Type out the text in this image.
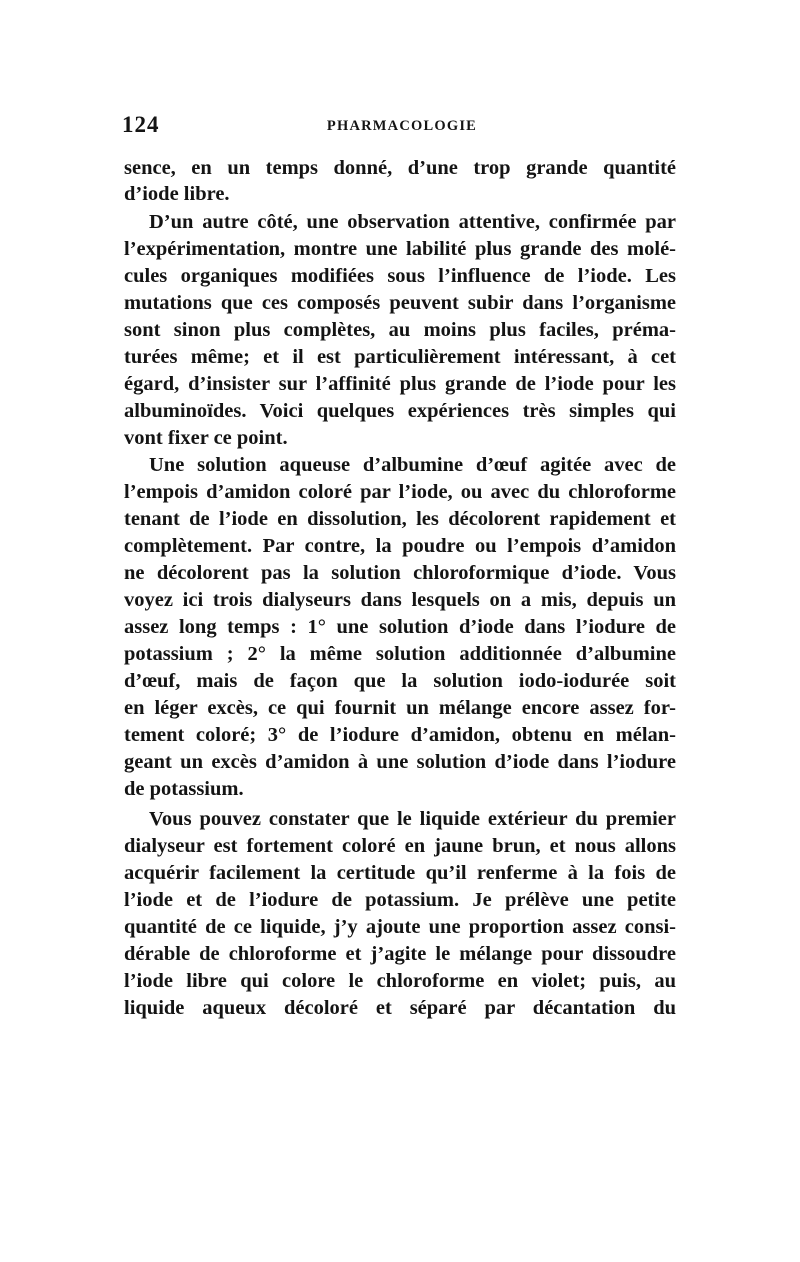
124	PHARMACOLOGIE
sence, en un temps donné, d’une trop grande quantité
d’iode libre.
D’un autre côté, une observation attentive, confirmée par
l’expérimentation, montre une labilité plus grande des molé-
cules organiques modifiées sous l’influence de l’iode. Les
mutations que ces composés peuvent subir dans l’organisme
sont sinon plus complètes, au moins plus faciles, préma-
turées même; et il est particulièrement intéressant, à cet
égard, d’insister sur l’affinité plus grande de l’iode pour les
albuminoïdes. Voici quelques expériences très simples qui
vont fixer ce point.
Une solution aqueuse d’albumine d’œuf agitée avec de
l’empois d’amidon coloré par l’iode, ou avec du chloroforme
tenant de l’iode en dissolution, les décolorent rapidement et
complètement. Par contre, la poudre ou l’empois d’amidon
ne décolorent pas la solution chloroformique d’iode. Vous
voyez ici trois dialyseurs dans lesquels on a mis, depuis un
assez long temps : 1° une solution d’iode dans l’iodure de
potassium ; 2° la même solution additionnée d’albumine
d’œuf, mais de façon que la solution iodo-iodurée soit
en léger excès, ce qui fournit un mélange encore assez for-
tement coloré; 3° de l’iodure d’amidon, obtenu en mélan-
geant un excès d’amidon à une solution d’iode dans l’iodure
de potassium.
Vous pouvez constater que le liquide extérieur du premier
dialyseur est fortement coloré en jaune brun, et nous allons
acquérir facilement la certitude qu’il renferme à la fois de
l’iode et de l’iodure de potassium. Je prélève une petite
quantité de ce liquide, j’y ajoute une proportion assez consi-
dérable de chloroforme et j’agite le mélange pour dissoudre
l’iode libre qui colore le chloroforme en violet; puis, au
liquide aqueux décoloré et séparé par décantation du
